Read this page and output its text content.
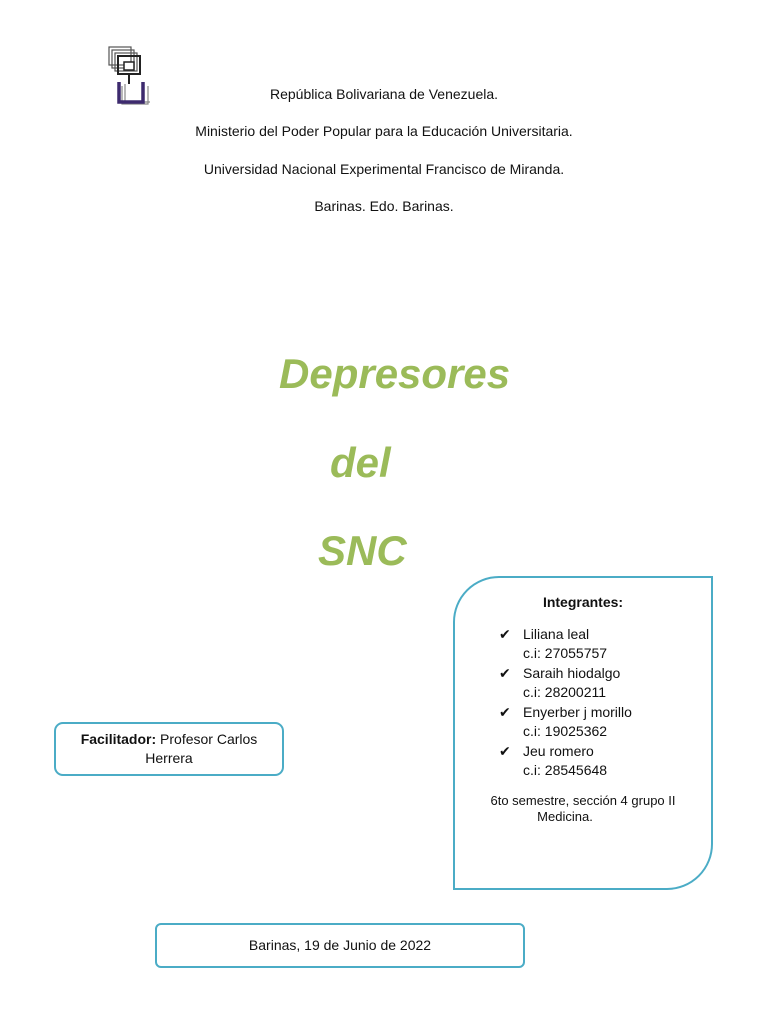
República Bolivariana de Venezuela.
Ministerio del Poder Popular para la Educación Universitaria.
Universidad Nacional Experimental Francisco de Miranda.
Barinas. Edo. Barinas.
Depresores
del
SNC
Integrantes:
✔ Liliana leal
c.i: 27055757
✔ Saraih hiodalgo
c.i: 28200211
✔ Enyerber j morillo
c.i: 19025362
✔ Jeu romero
c.i: 28545648
6to semestre, sección 4 grupo II
Medicina.
Facilitador: Profesor Carlos Herrera
Barinas, 19 de Junio de 2022
